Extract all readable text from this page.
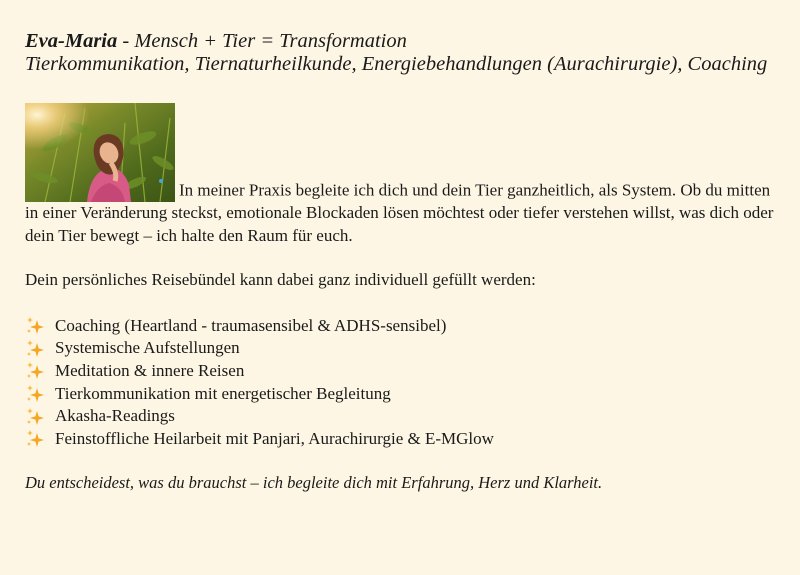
Eva-Maria - Mensch + Tier = Transformation
Tierkommunikation, Tiernaturheilkunde, Energiebehandlungen (Aurachirurgie), Coaching

In meiner Praxis begleite ich dich und dein Tier ganzheitlich, als System. Ob du mitten in einer Veränderung steckst, emotionale Blockaden lösen möchtest oder tiefer verstehen willst, was dich oder dein Tier bewegt – ich halte den Raum für euch.

Dein persönliches Reisebündel kann dabei ganz individuell gefüllt werden:

Coaching (Heartland - traumasensibel & ADHS-sensibel)
Systemische Aufstellungen
Meditation & innere Reisen
Tierkommunikation mit energetischer Begleitung
Akasha-Readings
Feinstoffliche Heilarbeit mit Panjari, Aurachirurgie & E-MGlow

Du entscheidest, was du brauchst – ich begleite dich mit Erfahrung, Herz und Klarheit.
